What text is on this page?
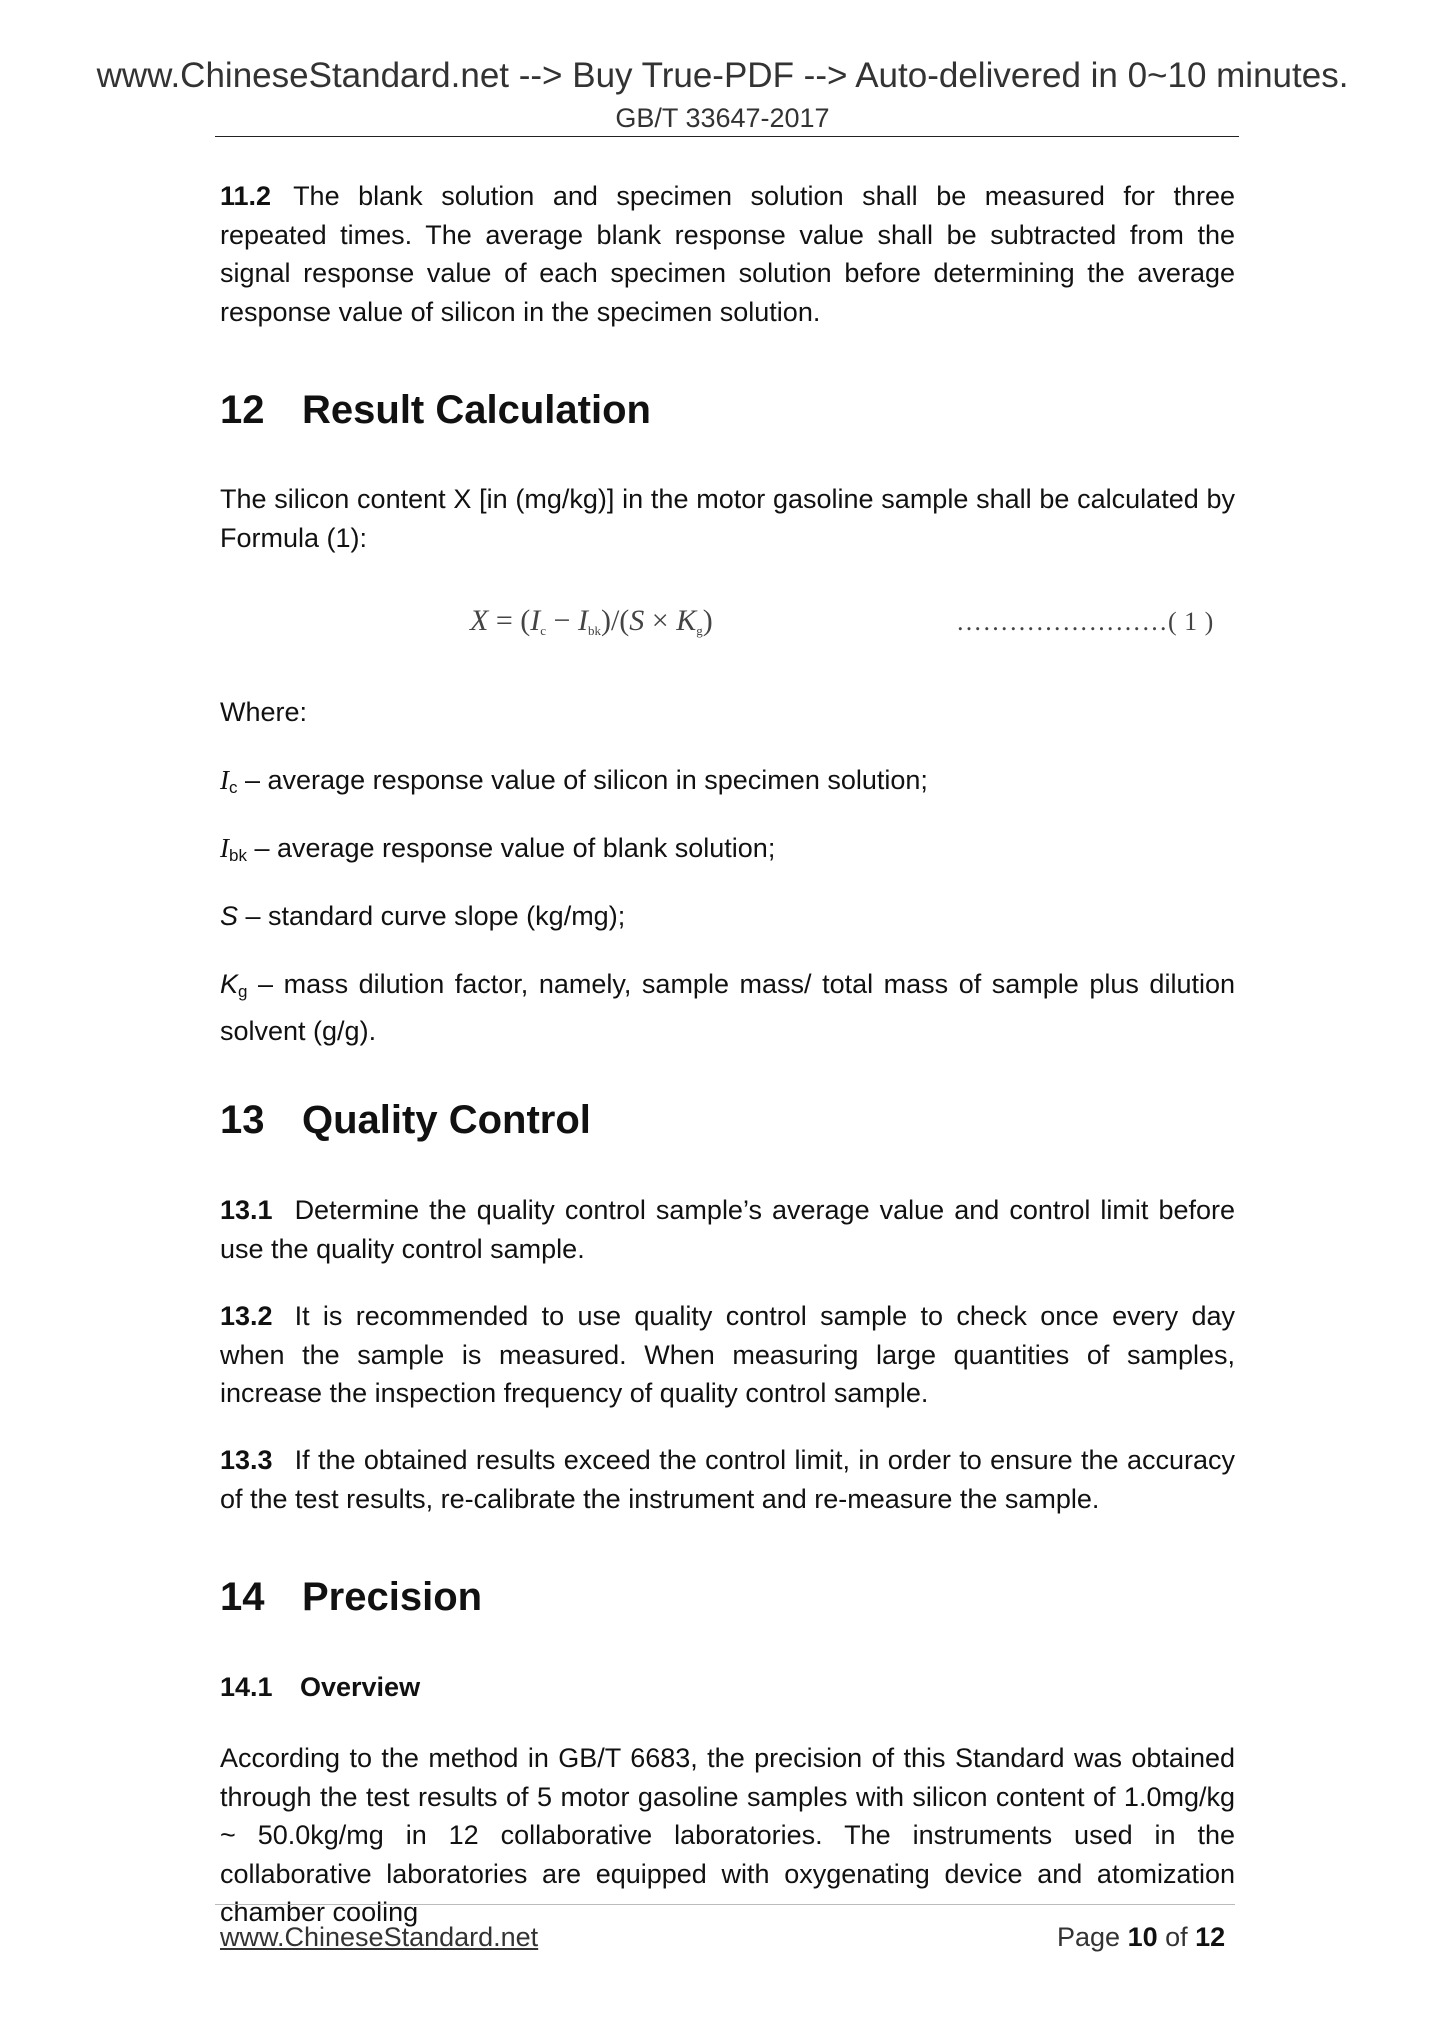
www.ChineseStandard.net --> Buy True-PDF --> Auto-delivered in 0~10 minutes.
GB/T 33647-2017
11.2 The blank solution and specimen solution shall be measured for three repeated times. The average blank response value shall be subtracted from the signal response value of each specimen solution before determining the average response value of silicon in the specimen solution.
12 Result Calculation
The silicon content X [in (mg/kg)] in the motor gasoline sample shall be calculated by Formula (1):
$X = (I_c - I_{bk})/(S \times K_g)$	……………………( 1 )
Where:
$I_c$ – average response value of silicon in specimen solution;
$I_{bk}$ – average response value of blank solution;
S – standard curve slope (kg/mg);
$K_g$ – mass dilution factor, namely, sample mass/ total mass of sample plus dilution solvent (g/g).
13 Quality Control
13.1 Determine the quality control sample’s average value and control limit before use the quality control sample.
13.2 It is recommended to use quality control sample to check once every day when the sample is measured. When measuring large quantities of samples, increase the inspection frequency of quality control sample.
13.3 If the obtained results exceed the control limit, in order to ensure the accuracy of the test results, re-calibrate the instrument and re-measure the sample.
14 Precision
14.1 Overview
According to the method in GB/T 6683, the precision of this Standard was obtained through the test results of 5 motor gasoline samples with silicon content of 1.0mg/kg ~ 50.0kg/mg in 12 collaborative laboratories. The instruments used in the collaborative laboratories are equipped with oxygenating device and atomization chamber cooling
www.ChineseStandard.net	Page 10 of 12
